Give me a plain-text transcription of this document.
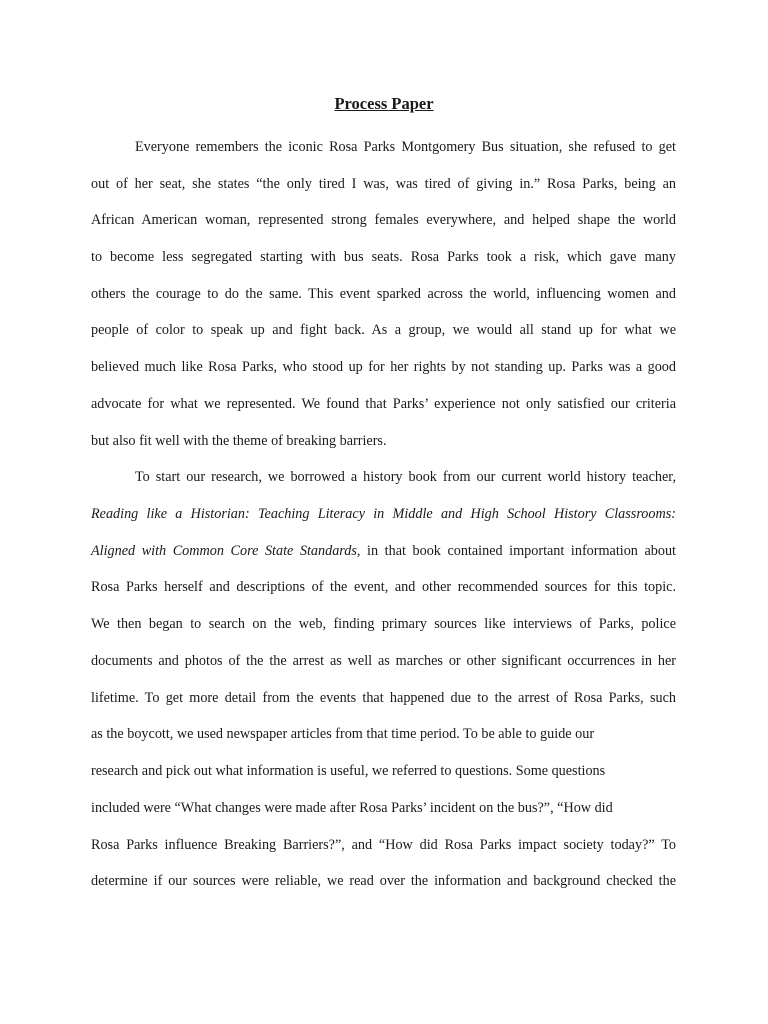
Process Paper
Everyone remembers the iconic Rosa Parks Montgomery Bus situation, she refused to get
out of her seat, she states “the only tired I was, was tired of giving in.” Rosa Parks, being an
African American woman, represented strong females everywhere, and helped shape the world
to become less segregated starting with bus seats. Rosa Parks took a risk, which gave many
others the courage to do the same. This event sparked across the world, influencing women and
people of color to speak up and fight back. As a group, we would all stand up for what we
believed much like Rosa Parks, who stood up for her rights by not standing up. Parks was a good
advocate for what we represented. We found that Parks’ experience not only satisfied our criteria
but also fit well with the theme of breaking barriers.
To start our research, we borrowed a history book from our current world history teacher,
Reading like a Historian: Teaching Literacy in Middle and High School History Classrooms:
Aligned with Common Core State Standards, in that book contained important information about
Rosa Parks herself and descriptions of the event, and other recommended sources for this topic.
We then began to search on the web, finding primary sources like interviews of Parks, police
documents and photos of the the arrest as well as marches or other significant occurrences in her
lifetime. To get more detail from the events that happened due to the arrest of Rosa Parks, such
as the boycott, we used newspaper articles from that time period. To be able to guide our
research and pick out what information is useful, we referred to questions. Some questions
included were “What changes were made after Rosa Parks’ incident on the bus?”, “How did
Rosa Parks influence Breaking Barriers?”, and “How did Rosa Parks impact society today?” To
determine if our sources were reliable, we read over the information and background checked the
